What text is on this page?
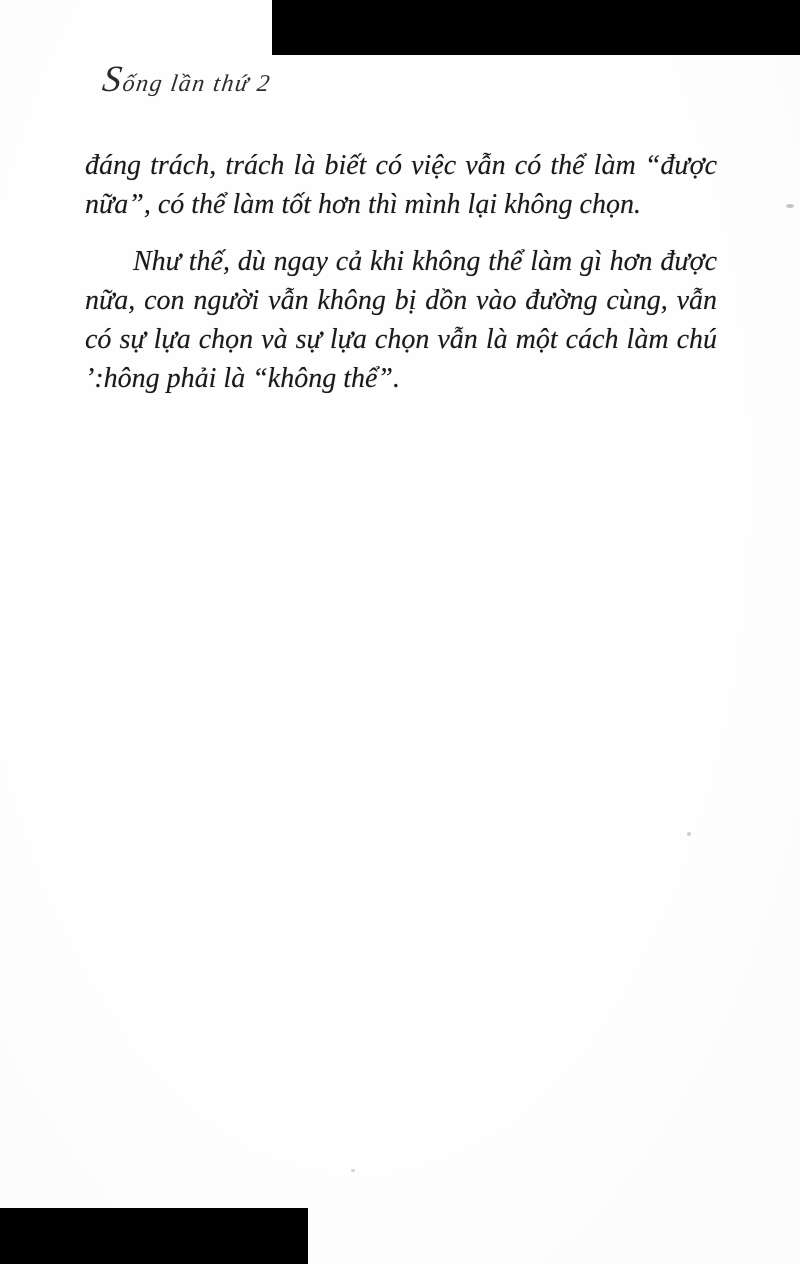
Sống lần thứ 2
đáng trách, trách là biết có việc vẫn có thể làm “được
nữa”, có thể làm tốt hơn thì mình lại không chọn.
Như thế, dù ngay cả khi không thể làm gì hơn được
nữa, con người vẫn không bị dồn vào đường cùng, vẫn
có sự lựa chọn và sự lựa chọn vẫn là một cách làm chú
’:hông phải là “không thể”.
